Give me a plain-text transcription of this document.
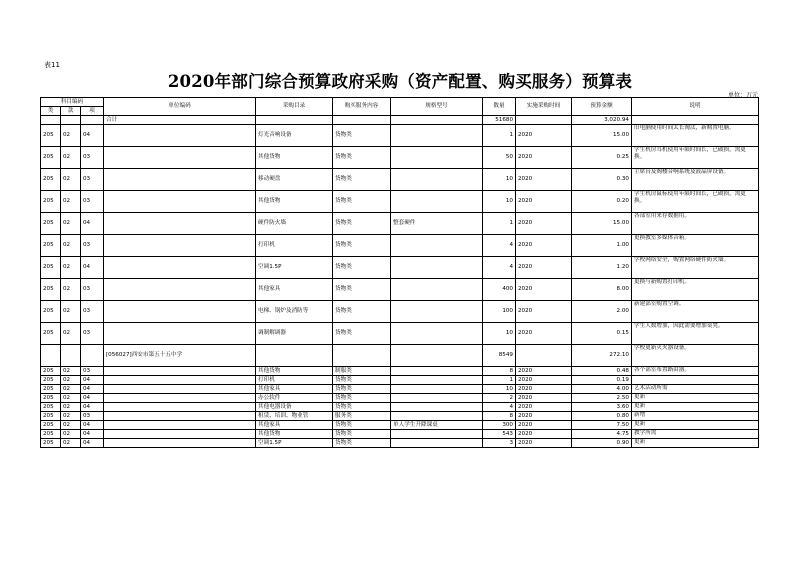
表11
2020年部门综合预算政府采购（资产配置、购买服务）预算表
单位：万元
科目编码			单位编码	采购目录	购买服务内容	规格型号	数量	实施采购时间	预算金额	说明
类	款	项								
			合计				51680		3,020.94	
205	02	04		灯光音响设备	货物类		1	2020	15.00	旧电脑使用时间太长淘汰，新购置电脑。
205	02	03		其他货物	货物类		50	2020	0.25	学生机房耳机使用年限时间长，已破损，需更换。
205	02	03		移动硬盘	货物类		10	2020	0.30	主席台及阁楼音响系统及液晶屏设备。
205	02	03		其他货物	货物类		10	2020	0.20	学生机房鼠标使用年限时间长，已破损，需更换。
205	02	04		硬件防火墙	货物类	整套硬件	1	2020	15.00	各部室用来存数据用。
205	02	03		打印机	货物类		4	2020	1.00	更换教室多媒体音箱。
205	02	04		空调1.5P	货物类		4	2020	1.20	学校网络安全，购置网络硬件防火墙。
205	02	03		其他家具	货物类		400	2020	8.00	更换与新购置打印机。
205	02	03		电梯、锅炉及消防等	货物类		100	2020	2.00	新建部室购置空调。
205	02	03		调制解调器	货物类		10	2020	0.15	学生人数增加，因此需要增加桌凳。
			[056027]西安市第五十五中学				8549		272.10	学校更新灭火器设备。
205	02	03		其他货物	制服类		8	2020	0.48	各个部室布置路由器。
205	02	04		打印机	货物类		1	2020	0.19	
205	02	04		其他家具	货物类		10	2020	4.00	艺术活动所需
205	02	04		办公软件	货物类		2	2020	2.50	更新
205	02	04		其他电器设备	货物类		4	2020	3.60	更新
205	02	03		租赁、培训、物业管	服务类		8	2020	0.80	新增
205	02	04		其他家具	货物类	单人学生升降课桌	300	2020	7.50	更新
205	02	04		其他货物	货物类		543	2020	4.75	教学所需
205	02	04		空调1.5P	货物类		3	2020	0.90	更新
